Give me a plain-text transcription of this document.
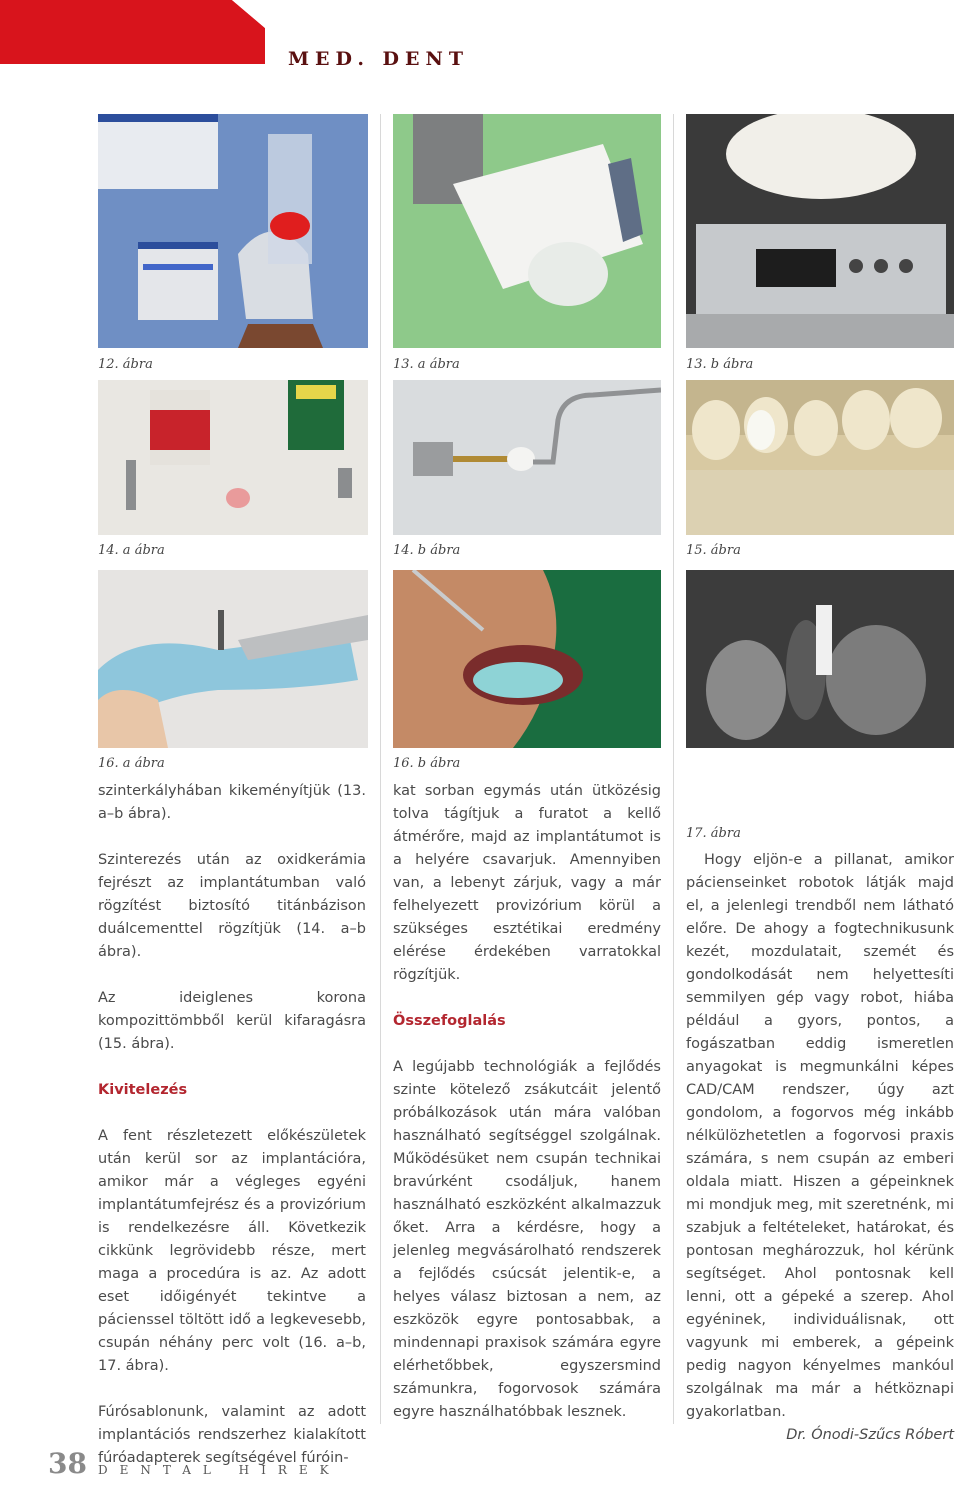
MED. DENT
12. ábra	13. a ábra	13. b ábra
14. a ábra	14. b ábra	15. ábra
16. a ábra	16. b ábra
17. ábra

szinterkályhában kikeményítjük (13. a–b ábra).

Szinterezés után az oxidkerámia fejrészt az implantátumban való rögzítést biztosító titánbázison duálcementtel rögzítjük (14. a–b ábra).

Az ideiglenes korona kompozittömbből kerül kifaragásra (15. ábra).

Kivitelezés

A fent részletezett előkészületek után kerül sor az implantációra, amikor már a végleges egyéni implantátumfejrész és a provizórium is rendelkezésre áll. Következik cikkünk legrövidebb része, mert maga a procedúra is az. Az adott eset időigényét tekintve a pácienssel töltött idő a legkevesebb, csupán néhány perc volt (16. a–b, 17. ábra).

Fúrósablonunk, valamint az adott implantációs rendszerhez kialakított fúróadapterek segítségével fúróin-

kat sorban egymás után ütközésig tolva tágítjuk a furatot a kellő átmérőre, majd az implantátumot is a helyére csavarjuk. Amennyiben van, a lebenyt zárjuk, vagy a már felhelyezett provizórium körül a szükséges esztétikai eredmény elérése érdekében varratokkal rögzítjük.

Összefoglalás

A legújabb technológiák a fejlődés szinte kötelező zsákutcáit jelentő próbálkozások után mára valóban használható segítséggel szolgálnak. Működésüket nem csupán technikai bravúrként csodáljuk, hanem használható eszközként alkalmazzuk őket. Arra a kérdésre, hogy a jelenleg megvásárolható rendszerek a fejlődés csúcsát jelentik-e, a helyes válasz biztosan a nem, az eszközök egyre pontosabbak, a mindennapi praxisok számára egyre elérhetőbbek, egyszersmind számunkra, fogorvosok számára egyre használhatóbbak lesznek.

Hogy eljön-e a pillanat, amikor pácienseinket robotok látják majd el, a jelenlegi trendből nem látható előre. De ahogy a fogtechnikusunk kezét, mozdulatait, szemét és gondolkodását nem helyettesíti semmilyen gép vagy robot, hiába például a gyors, pontos, a fogászatban eddig ismeretlen anyagokat is megmunkálni képes CAD/CAM rendszer, úgy azt gondolom, a fogorvos még inkább nélkülözhetetlen a fogorvosi praxis számára, s nem csupán az emberi oldala miatt. Hiszen a gépeinknek mi mondjuk meg, mit szeretnénk, mi szabjuk a feltételeket, határokat, és pontosan meghározzuk, hol kérünk segítséget. Ahol pontosnak kell lenni, ott a gépeké a szerep. Ahol egyéninek, individuálisnak, ott vagyunk mi emberek, a gépeink pedig nagyon kényelmes mankóul szolgálnak ma már a hétköznapi gyakorlatban.

Dr. Ónodi-Szűcs Róbert
38 DENTAL HÍREK
